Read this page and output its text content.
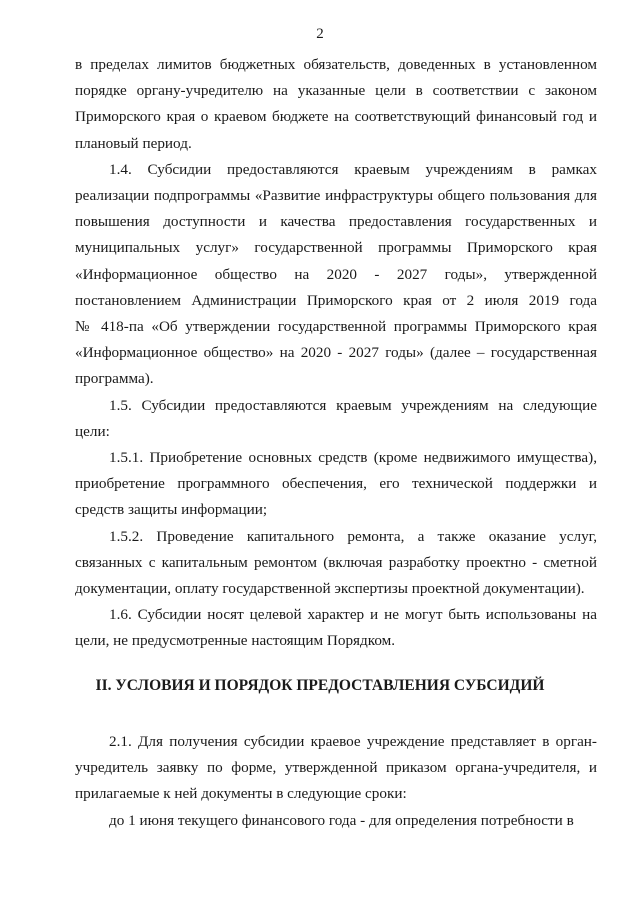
2
в пределах лимитов бюджетных обязательств, доведенных в установленном
порядке органу-учредителю на указанные цели в соответствии с законом
Приморского края о краевом бюджете на соответствующий финансовый год и
плановый период.
1.4. Субсидии предоставляются краевым учреждениям в рамках
реализации подпрограммы «Развитие инфраструктуры общего пользования для
повышения доступности и качества предоставления государственных и
муниципальных услуг» государственной программы Приморского края
«Информационное общество на 2020 - 2027 годы», утвержденной
постановлением Администрации Приморского края от 2 июля 2019 года
№ 418-па «Об утверждении государственной программы Приморского края
«Информационное общество» на 2020 - 2027 годы» (далее – государственная
программа).
1.5. Субсидии предоставляются краевым учреждениям на следующие
цели:
1.5.1. Приобретение основных средств (кроме недвижимого имущества),
приобретение программного обеспечения, его технической поддержки и
средств защиты информации;
1.5.2. Проведение капитального ремонта, а также оказание услуг,
связанных с капитальным ремонтом (включая разработку проектно - сметной
документации, оплату государственной экспертизы проектной документации).
1.6. Субсидии носят целевой характер и не могут быть использованы на
цели, не предусмотренные настоящим Порядком.
II. УСЛОВИЯ И ПОРЯДОК ПРЕДОСТАВЛЕНИЯ СУБСИДИЙ
2.1. Для получения субсидии краевое учреждение представляет в орган-
учредитель заявку по форме, утвержденной приказом органа-учредителя, и
прилагаемые к ней документы в следующие сроки:
до 1 июня текущего финансового года - для определения потребности в
